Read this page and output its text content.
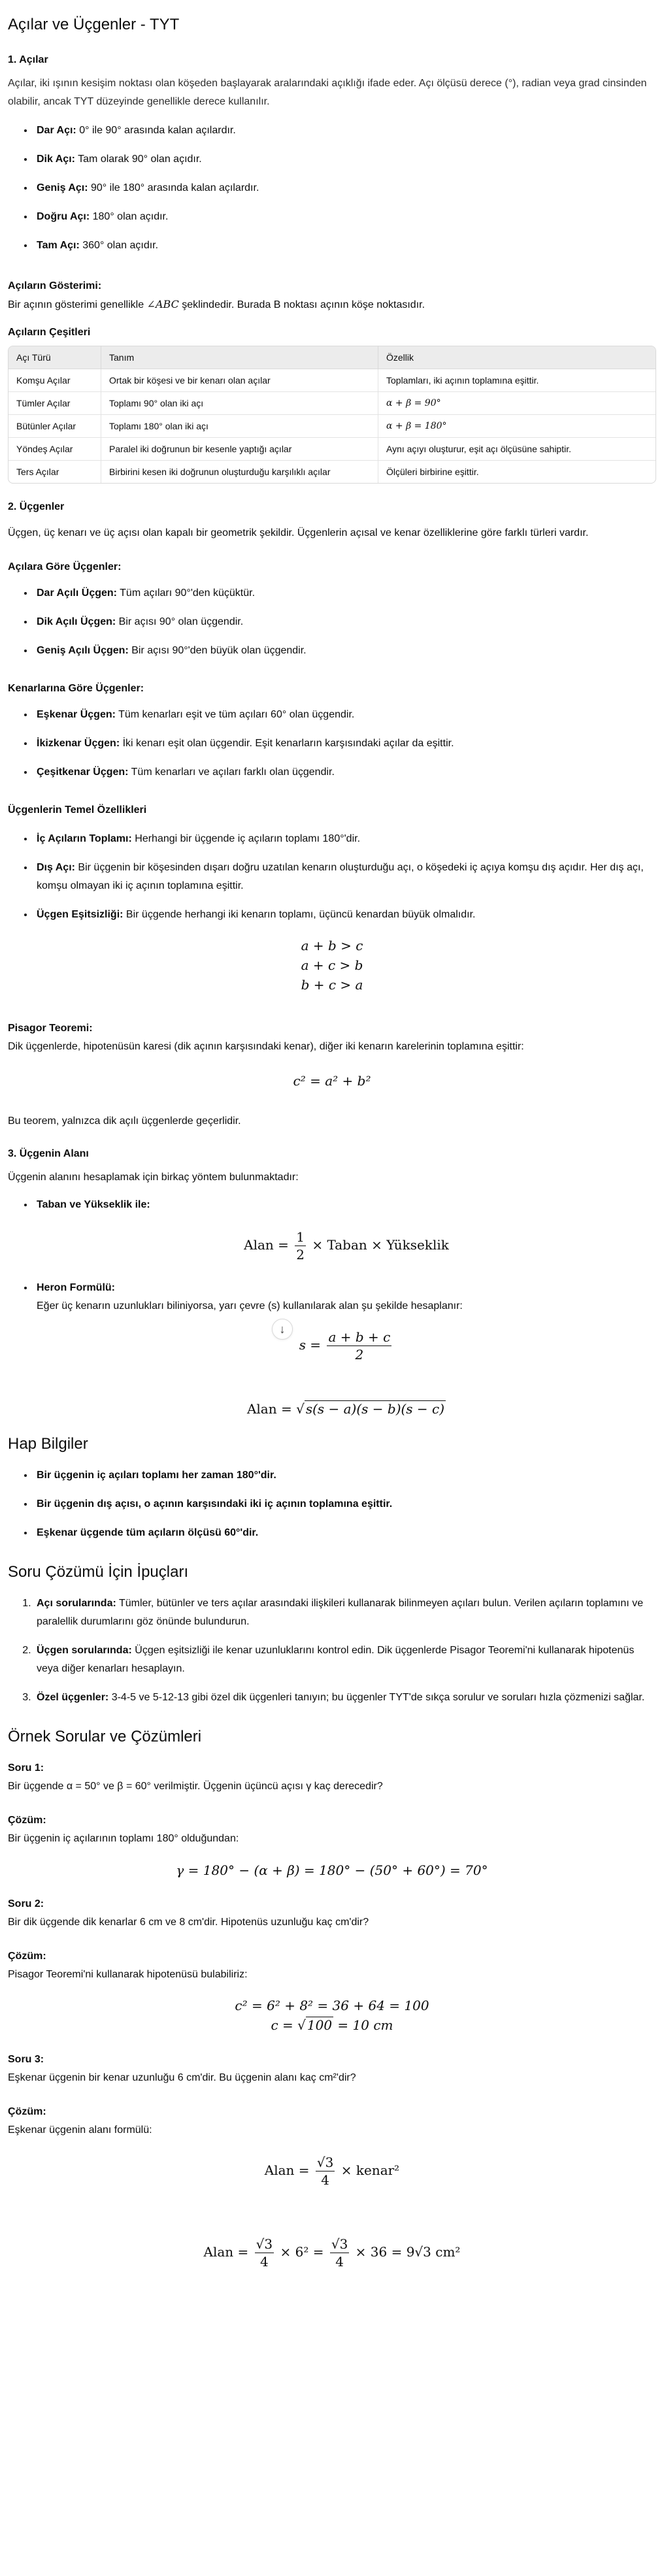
Açılar ve Üçgenler - TYT
1. Açılar

Açılar, iki ışının kesişim noktası olan köşeden başlayarak aralarındaki açıklığı ifade eder. Açı ölçüsü derece (°), radian veya grad cinsinden olabilir, ancak TYT düzeyinde genellikle derece kullanılır.

• Dar Açı: 0° ile 90° arasında kalan açılardır.
• Dik Açı: Tam olarak 90° olan açıdır.
• Geniş Açı: 90° ile 180° arasında kalan açılardır.
• Doğru Açı: 180° olan açıdır.
• Tam Açı: 360° olan açıdır.
Açıların Gösterimi:

Bir açının gösterimi genellikle ∠ABC şeklindedir. Burada B noktası açının köşe noktasıdır.

Açıların Çeşitleri
Açı Türü	Tanım	Özellik
Komşu Açılar	Ortak bir köşesi ve bir kenarı olan açılar	Toplamları, iki açının toplamına eşittir.
Tümler Açılar	Toplamı 90° olan iki açı	α + β = 90°
Bütünler Açılar	Toplamı 180° olan iki açı	α + β = 180°
Yöndeş Açılar	Paralel iki doğrunun bir kesenle yaptığı açılar	Aynı açıyı oluşturur, eşit açı ölçüsüne sahiptir.
Ters Açılar	Birbirini kesen iki doğrunun oluşturduğu karşılıklı açılar	Ölçüleri birbirine eşittir.
2. Üçgenler

Üçgen, üç kenarı ve üç açısı olan kapalı bir geometrik şekildir. Üçgenlerin açısal ve kenar özelliklerine göre farklı türleri vardır.

Açılara Göre Üçgenler:
• Dar Açılı Üçgen: Tüm açıları 90°'den küçüktür.
• Dik Açılı Üçgen: Bir açısı 90° olan üçgendir.
• Geniş Açılı Üçgen: Bir açısı 90°'den büyük olan üçgendir.
Kenarlarına Göre Üçgenler:
• Eşkenar Üçgen: Tüm kenarları eşit ve tüm açıları 60° olan üçgendir.
• İkizkenar Üçgen: İki kenarı eşit olan üçgendir. Eşit kenarların karşısındaki açılar da eşittir.
• Çeşitkenar Üçgen: Tüm kenarları ve açıları farklı olan üçgendir.
Üçgenlerin Temel Özellikleri
• İç Açıların Toplamı: Herhangi bir üçgende iç açıların toplamı 180°'dir.
• Dış Açı: Bir üçgenin bir köşesinden dışarı doğru uzatılan kenarın oluşturduğu açı, o köşedeki iç açıya komşu dış açıdır. Her dış açı, komşu olmayan iki iç açının toplamına eşittir.
• Üçgen Eşitsizliği: Bir üçgende herhangi iki kenarın toplamı, üçüncü kenardan büyük olmalıdır.
a + b > c
a + c > b
b + c > a
Pisagor Teoremi:

Dik üçgenlerde, hipotenüsün karesi (dik açının karşısındaki kenar), diğer iki kenarın karelerinin toplamına eşittir:

c² = a² + b²

Bu teorem, yalnızca dik açılı üçgenlerde geçerlidir.

3. Üçgenin Alanı

Üçgenin alanını hesaplamak için birkaç yöntem bulunmaktadır:

• Taban ve Yükseklik ile:
Alan = $\frac{1}{2}$ × Taban × Yükseklik
• Heron Formülü:
Eğer üç kenarın uzunlukları biliniyorsa, yarı çevre (s) kullanılarak alan şu şekilde hesaplanır:
$s = \frac{a + b + c}{2}$
Alan = √ s(s − a)(s − b)(s − c)
Hap Bilgiler
• Bir üçgenin iç açıları toplamı her zaman 180°'dir.
• Bir üçgenin dış açısı, o açının karşısındaki iki iç açının toplamına eşittir.
• Eşkenar üçgende tüm açıların ölçüsü 60°'dir.
Soru Çözümü İçin İpuçları
1. Açı sorularında: Tümler, bütünler ve ters açılar arasındaki ilişkileri kullanarak bilinmeyen açıları bulun. Verilen açıların toplamını ve paralellik durumlarını göz önünde bulundurun.
2. Üçgen sorularında: Üçgen eşitsizliği ile kenar uzunluklarını kontrol edin. Dik üçgenlerde Pisagor Teoremi'ni kullanarak hipotenüs veya diğer kenarları hesaplayın.
3. Özel üçgenler: 3-4-5 ve 5-12-13 gibi özel dik üçgenleri tanıyın; bu üçgenler TYT'de sıkça sorulur ve soruları hızla çözmenizi sağlar.
Örnek Sorular ve Çözümleri
Soru 1:

Bir üçgende α = 50° ve β = 60° verilmiştir. Üçgenin üçüncü açısı γ kaç derecedir?

Çözüm:

Bir üçgenin iç açılarının toplamı 180° olduğundan:

γ = 180° − (α + β) = 180° − (50° + 60°) = 70°
Soru 2:

Bir dik üçgende dik kenarlar 6 cm ve 8 cm'dir. Hipotenüs uzunluğu kaç cm'dir?

Çözüm:

Pisagor Teoremi'ni kullanarak hipotenüsü bulabiliriz:

c² = 6² + 8² = 36 + 64 = 100
c = √ 100 = 10 cm
Soru 3:

Eşkenar üçgenin bir kenar uzunluğu 6 cm'dir. Bu üçgenin alanı kaç cm²'dir?

Çözüm:

Eşkenar üçgenin alanı formülü:

Alan = $\frac{√3}{4}$ × kenar²
Alan = $\frac{√3}{4} \times 6^2 = \frac{√3}{4} \times 36 = 9√3$ cm²
↓
